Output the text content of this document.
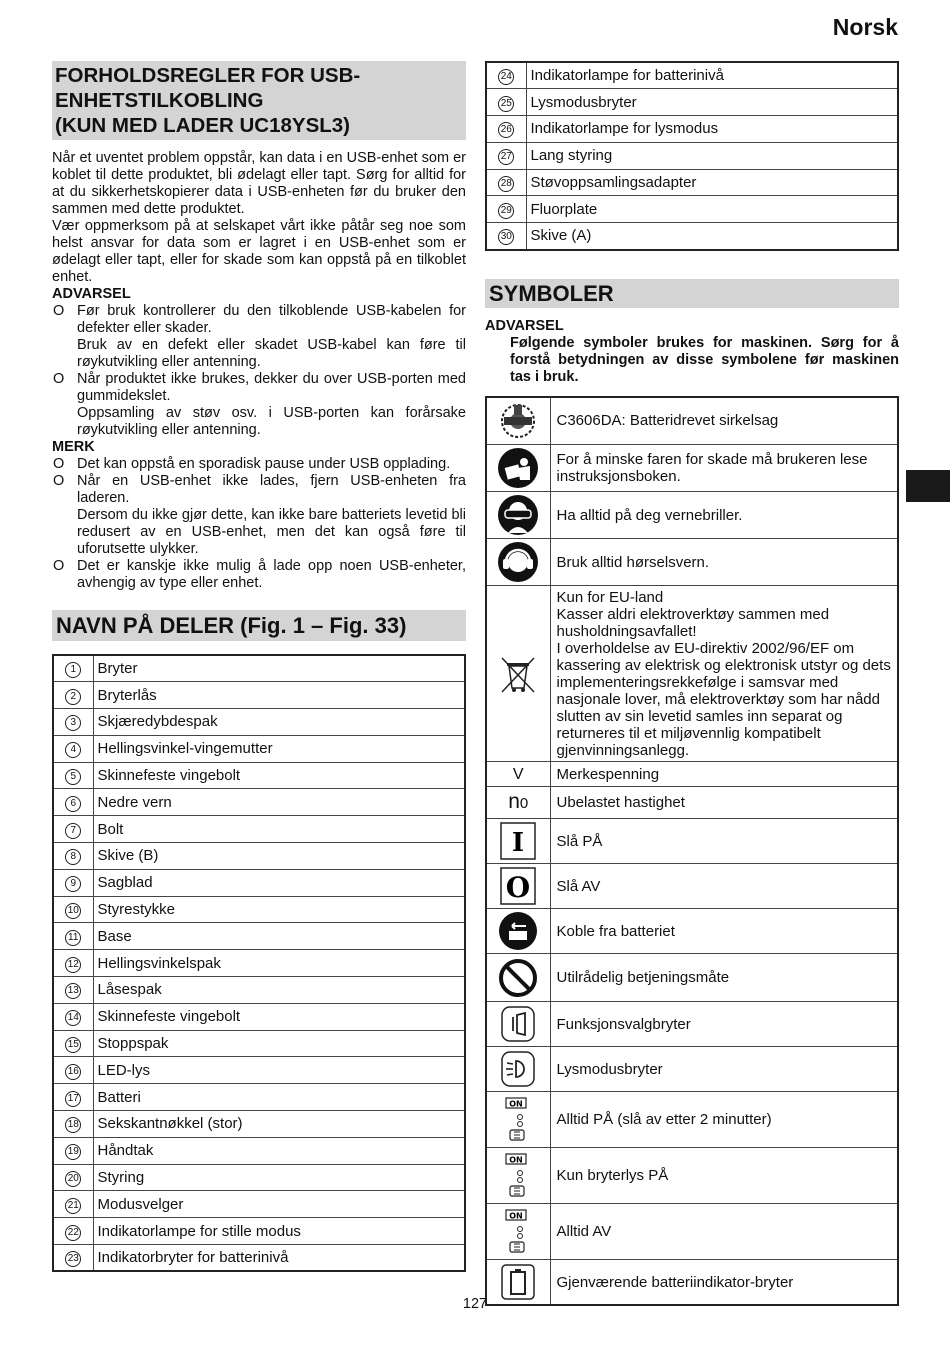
Norsk
FORHOLDSREGLER FOR USB-
ENHETSTILKOBLING
(KUN MED LADER UC18YSL3)

Når et uventet problem oppstår, kan data i en USB-enhet som er koblet til dette produktet, bli ødelagt eller tapt. Sørg for alltid for at du sikkerhetskopierer data i USB-enheten før du bruker den sammen med dette produktet.

Vær oppmerksom på at selskapet vårt ikke påtår seg noe som helst ansvar for data som er lagret i en USB-enhet som er ødelagt eller tapt, eller for skade som kan oppstå på en tilkoblet enhet.

ADVARSEL
O Før bruk kontrollerer du den tilkoblende USB-kabelen for defekter eller skader.
Bruk av en defekt eller skadet USB-kabel kan føre til røykutvikling eller antenning.
O Når produktet ikke brukes, dekker du over USB-porten med gummidekslet.
Oppsamling av støv osv. i USB-porten kan forårsake røykutvikling eller antenning.
MERK
O Det kan oppstå en sporadisk pause under USB opplading.
O Når en USB-enhet ikke lades, fjern USB-enheten fra laderen.
Dersom du ikke gjør dette, kan ikke bare batteriets levetid bli redusert av en USB-enhet, men det kan også føre til uforutsette ulykker.
O Det er kanskje ikke mulig å lade opp noen USB-enheter, avhengig av type eller enhet.
NAVN PÅ DELER (Fig. 1 – Fig. 33)
1	Bryter
2	Bryterlås
3	Skjæredybdespak
4	Hellingsvinkel-vingemutter
5	Skinnefeste vingebolt
6	Nedre vern
7	Bolt
8	Skive (B)
9	Sagblad
10	Styrestykke
11	Base
12	Hellingsvinkelspak
13	Låsespak
14	Skinnefeste vingebolt
15	Stoppspak
16	LED-lys
17	Batteri
18	Sekskantnøkkel (stor)
19	Håndtak
20	Styring
21	Modusvelger
22	Indikatorlampe for stille modus
23	Indikatorbryter for batterinivå
24	Indikatorlampe for batterinivå
25	Lysmodusbryter
26	Indikatorlampe for lysmodus
27	Lang styring
28	Støvoppsamlingsadapter
29	Fluorplate
30	Skive (A)
SYMBOLER
ADVARSEL
Følgende symboler brukes for maskinen. Sørg for å forstå betydningen av disse symbolene før maskinen tas i bruk.

C3606DA: Batteridrevet sirkelsag

For å minske faren for skade må brukeren lese instruksjonsboken.

Ha alltid på deg vernebriller.

Bruk alltid hørselsvern.

Kun for EU-land
Kasser aldri elektroverktøy sammen med husholdningsavfallet!
I overholdelse av EU-direktiv 2002/96/EF om kassering av elektrisk og elektronisk utstyr og dets implementeringsrekkefølge i samsvar med nasjonale lover, må elektroverktøy som har nådd slutten av sin levetid samles inn separat og returneres til et miljøvennlig kompatibelt gjenvinningsanlegg.

V	Merkespenning

n0	Ubelastet hastighet

I	Slå PÅ

O	Slå AV

Koble fra batteriet

Utilrådelig betjeningsmåte

Funksjonsvalgbryter

Lysmodusbryter

ON	Alltid PÅ (slå av etter 2 minutter)

ON	Kun bryterlys PÅ

ON	Alltid AV

Gjenværende batteriindikator-bryter
127
